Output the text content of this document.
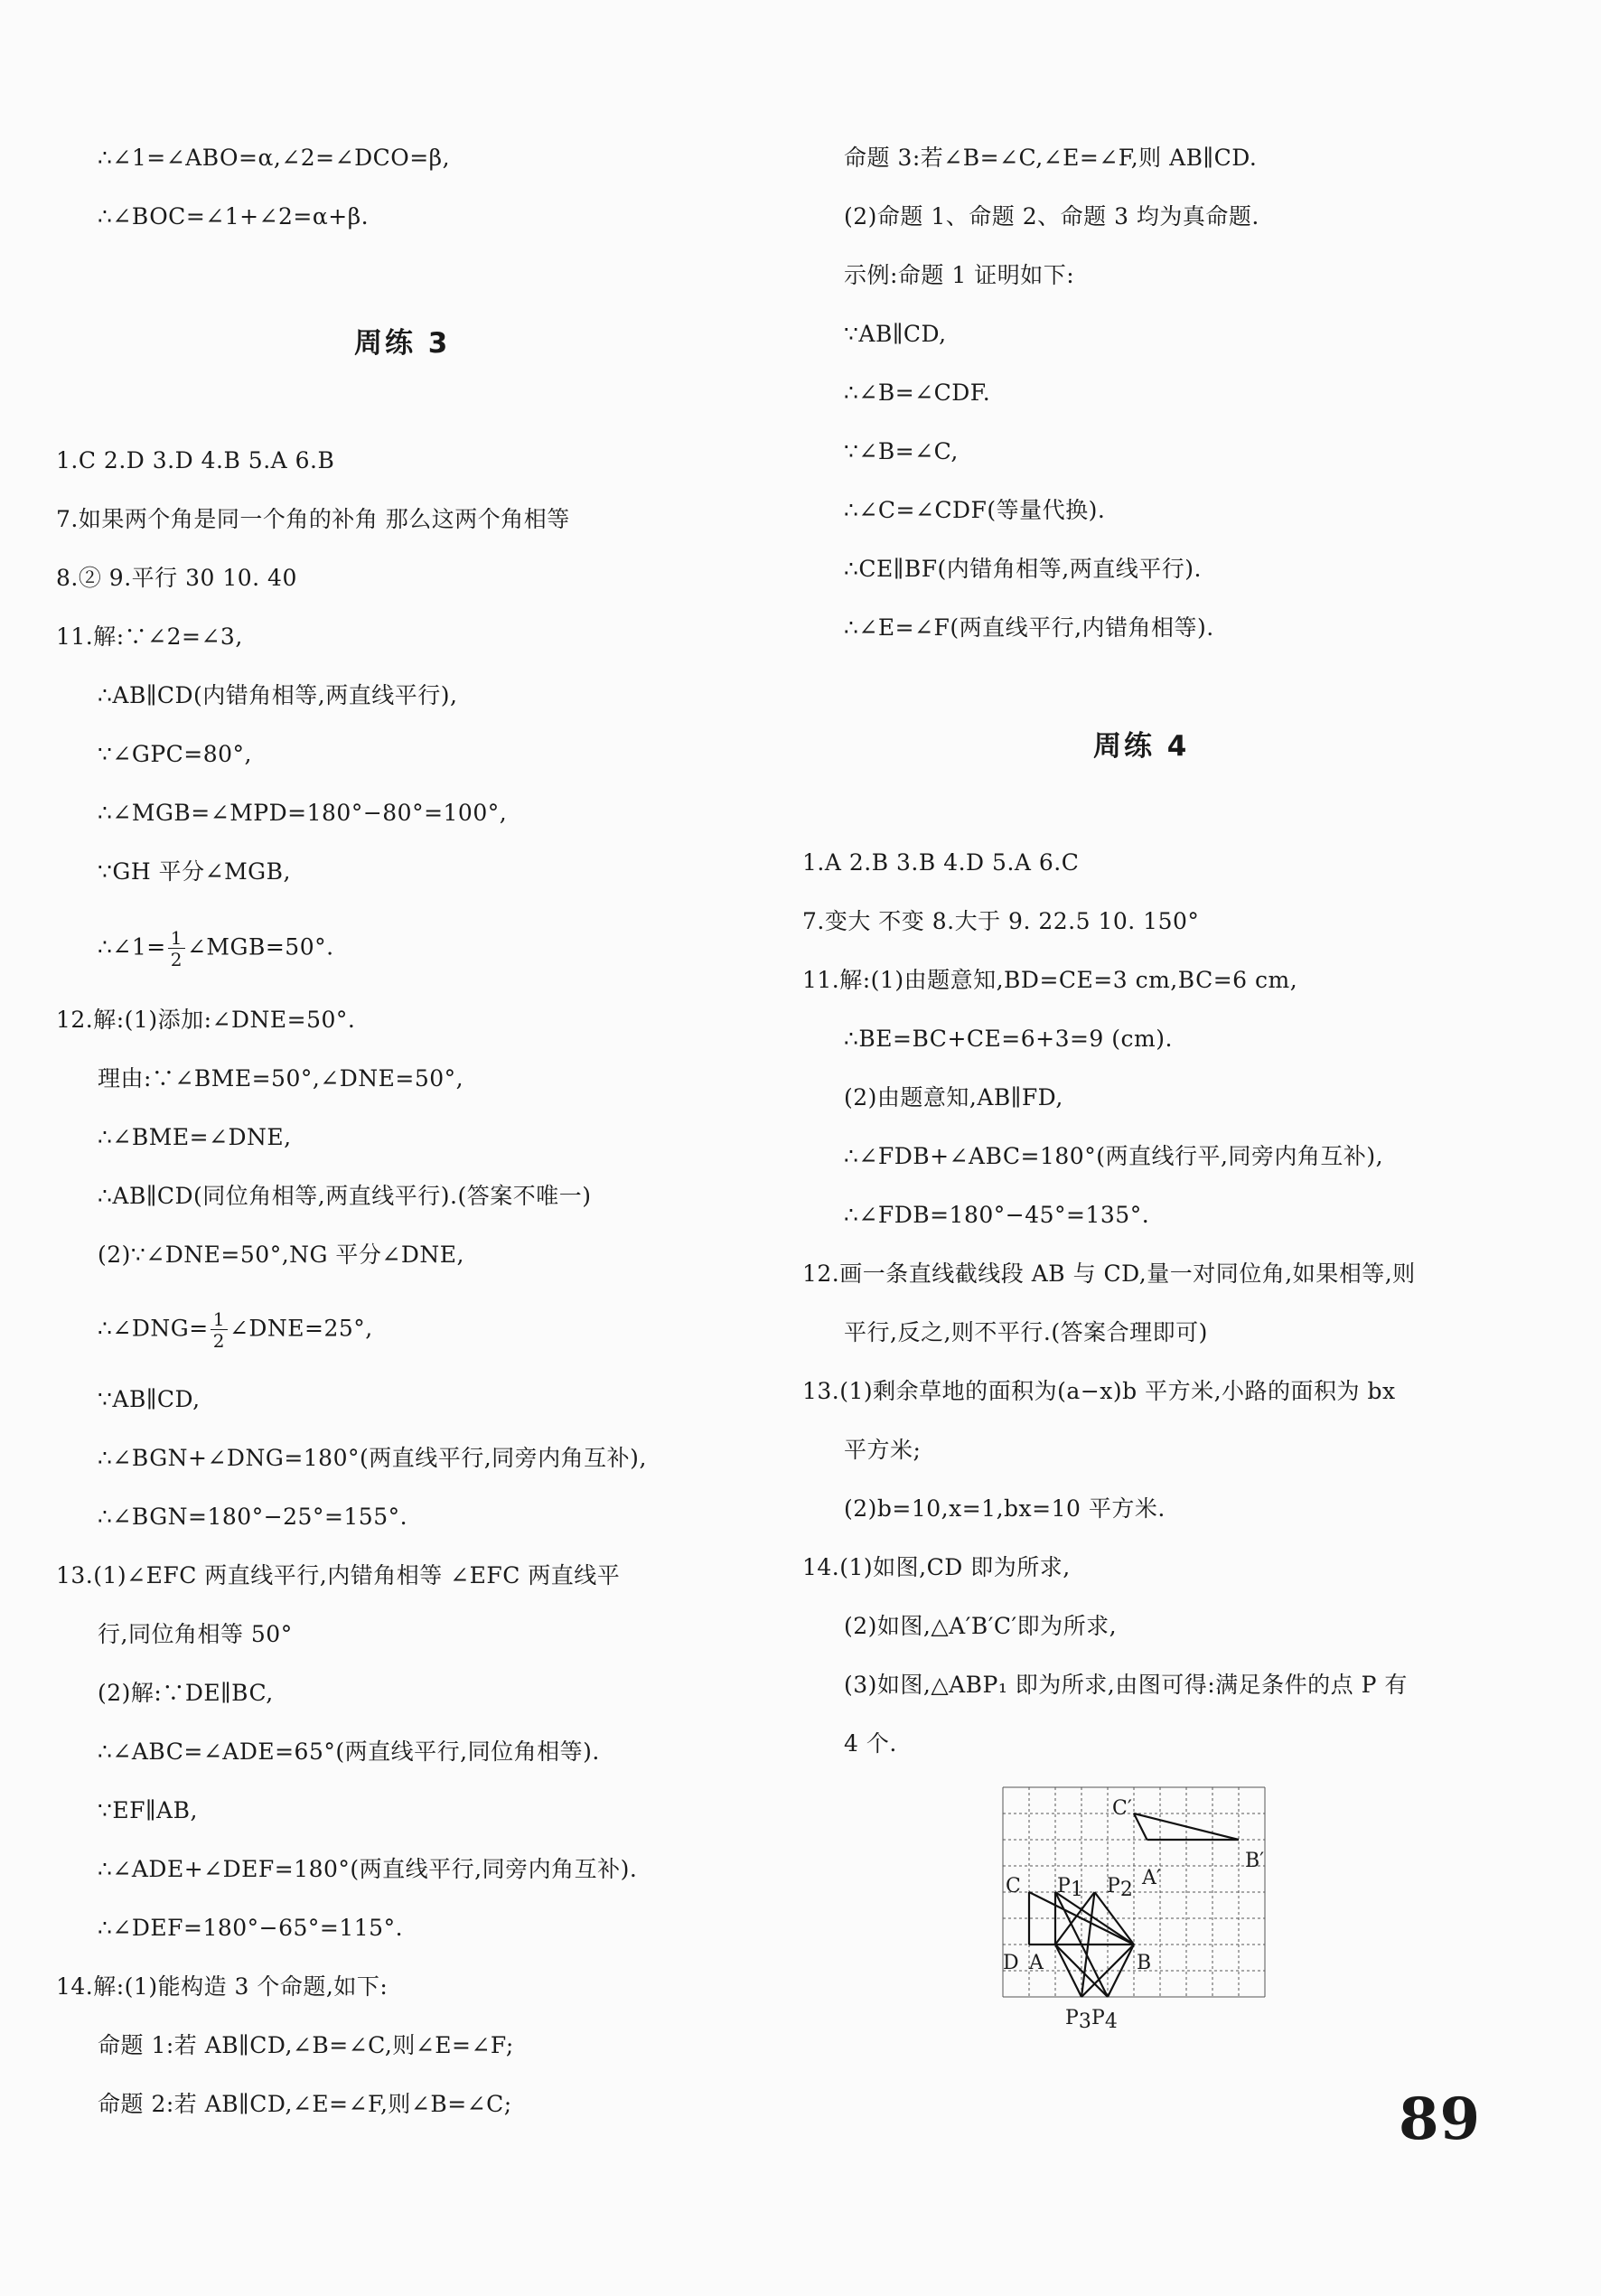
∴∠1=∠ABO=α,∠2=∠DCO=β,
∴∠BOC=∠1+∠2=α+β.
周练 3
1.C 2.D 3.D 4.B 5.A 6.B
7.如果两个角是同一个角的补角 那么这两个角相等
8.② 9.平行 30 10. 40
11.解:∵∠2=∠3,
∴AB∥CD(内错角相等,两直线平行),
∵∠GPC=80°,
∴∠MGB=∠MPD=180°−80°=100°,
∵GH 平分∠MGB,
∴∠1= $\frac{1}{2}$ ∠MGB=50°.
12.解:(1)添加:∠DNE=50°.
理由:∵∠BME=50°,∠DNE=50°,
∴∠BME=∠DNE,
∴AB∥CD(同位角相等,两直线平行).(答案不唯一)
(2)∵∠DNE=50°,NG 平分∠DNE,
∴∠DNG= $\frac{1}{2}$ ∠DNE=25°,
∵AB∥CD,
∴∠BGN+∠DNG=180°(两直线平行,同旁内角互补),
∴∠BGN=180°−25°=155°.
13.(1)∠EFC 两直线平行,内错角相等 ∠EFC 两直线平
行,同位角相等 50°
(2)解:∵DE∥BC,
∴∠ABC=∠ADE=65°(两直线平行,同位角相等).
∵EF∥AB,
∴∠ADE+∠DEF=180°(两直线平行,同旁内角互补).
∴∠DEF=180°−65°=115°.
14.解:(1)能构造 3 个命题,如下:
命题 1:若 AB∥CD,∠B=∠C,则∠E=∠F;
命题 2:若 AB∥CD,∠E=∠F,则∠B=∠C;
命题 3:若∠B=∠C,∠E=∠F,则 AB∥CD.
(2)命题 1、命题 2、命题 3 均为真命题.
示例:命题 1 证明如下:
∵AB∥CD,
∴∠B=∠CDF.
∵∠B=∠C,
∴∠C=∠CDF(等量代换).
∴CE∥BF(内错角相等,两直线平行).
∴∠E=∠F(两直线平行,内错角相等).
周练 4
1.A 2.B 3.B 4.D 5.A 6.C
7.变大 不变 8.大于 9. 22.5 10. 150°
11.解:(1)由题意知,BD=CE=3 cm,BC=6 cm,
∴BE=BC+CE=6+3=9 (cm).
(2)由题意知,AB∥FD,
∴∠FDB+∠ABC=180°(两直线行平,同旁内角互补),
∴∠FDB=180°−45°=135°.
12.画一条直线截线段 AB 与 CD,量一对同位角,如果相等,则
平行,反之,则不平行.(答案合理即可)
13.(1)剩余草地的面积为(a−x)b 平方米,小路的面积为 bx
平方米;
(2)b=10,x=1,bx=10 平方米.
14.(1)如图,CD 即为所求,
(2)如图,△A′B′C′即为所求,
(3)如图,△ABP₁ 即为所求,由图可得:满足条件的点 P 有
4 个.
C′
B′
A′
C P1 P2
D A	B
P3 P4
89
